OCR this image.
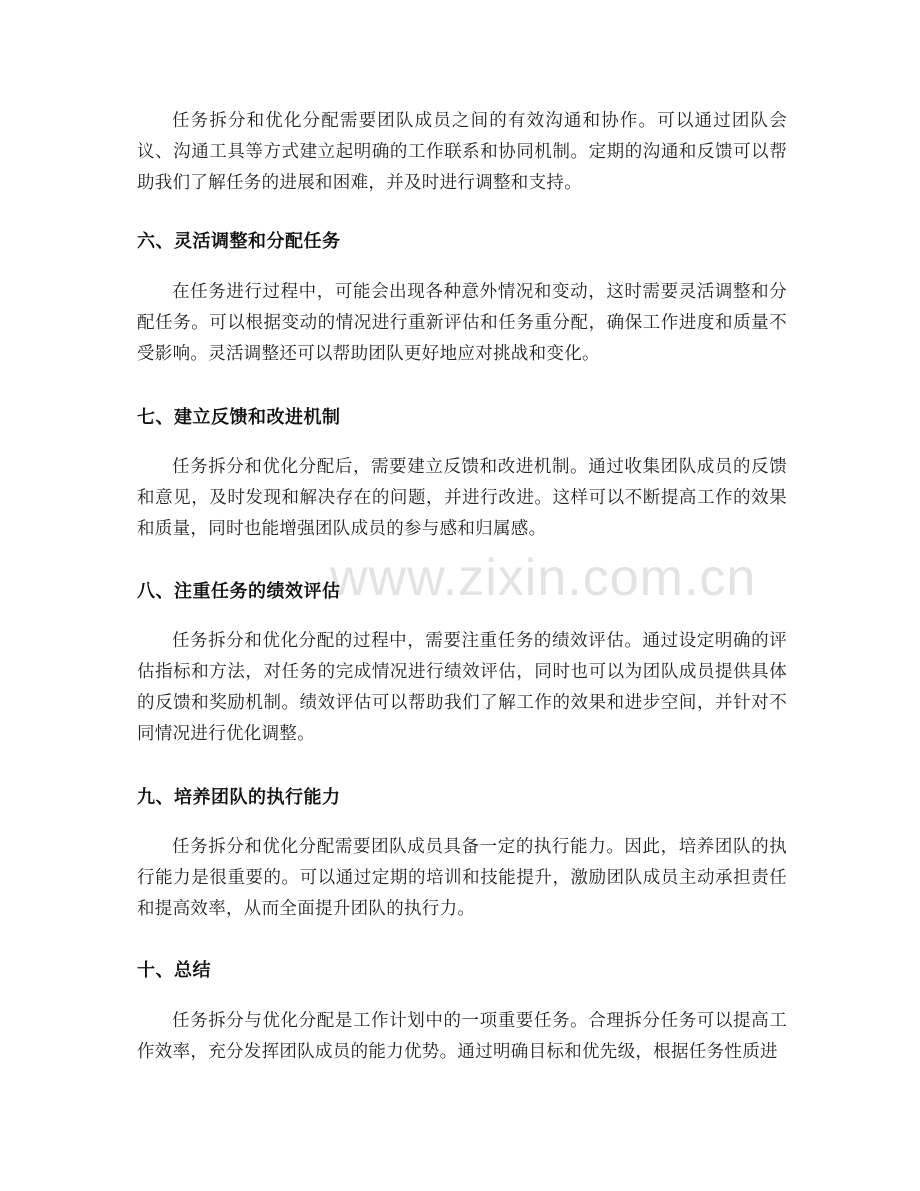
www.zixin.com.cn

任务拆分和优化分配需要团队成员之间的有效沟通和协作。可以通过团队会议、沟通工具等方式建立起明确的工作联系和协同机制。定期的沟通和反馈可以帮助我们了解任务的进展和困难，并及时进行调整和支持。

六、灵活调整和分配任务

在任务进行过程中，可能会出现各种意外情况和变动，这时需要灵活调整和分配任务。可以根据变动的情况进行重新评估和任务重分配，确保工作进度和质量不受影响。灵活调整还可以帮助团队更好地应对挑战和变化。

七、建立反馈和改进机制

任务拆分和优化分配后，需要建立反馈和改进机制。通过收集团队成员的反馈和意见，及时发现和解决存在的问题，并进行改进。这样可以不断提高工作的效果和质量，同时也能增强团队成员的参与感和归属感。

八、注重任务的绩效评估

任务拆分和优化分配的过程中，需要注重任务的绩效评估。通过设定明确的评估指标和方法，对任务的完成情况进行绩效评估，同时也可以为团队成员提供具体的反馈和奖励机制。绩效评估可以帮助我们了解工作的效果和进步空间，并针对不同情况进行优化调整。

九、培养团队的执行能力

任务拆分和优化分配需要团队成员具备一定的执行能力。因此，培养团队的执行能力是很重要的。可以通过定期的培训和技能提升，激励团队成员主动承担责任和提高效率，从而全面提升团队的执行力。

十、总结

任务拆分与优化分配是工作计划中的一项重要任务。合理拆分任务可以提高工作效率，充分发挥团队成员的能力优势。通过明确目标和优先级，根据任务性质进
